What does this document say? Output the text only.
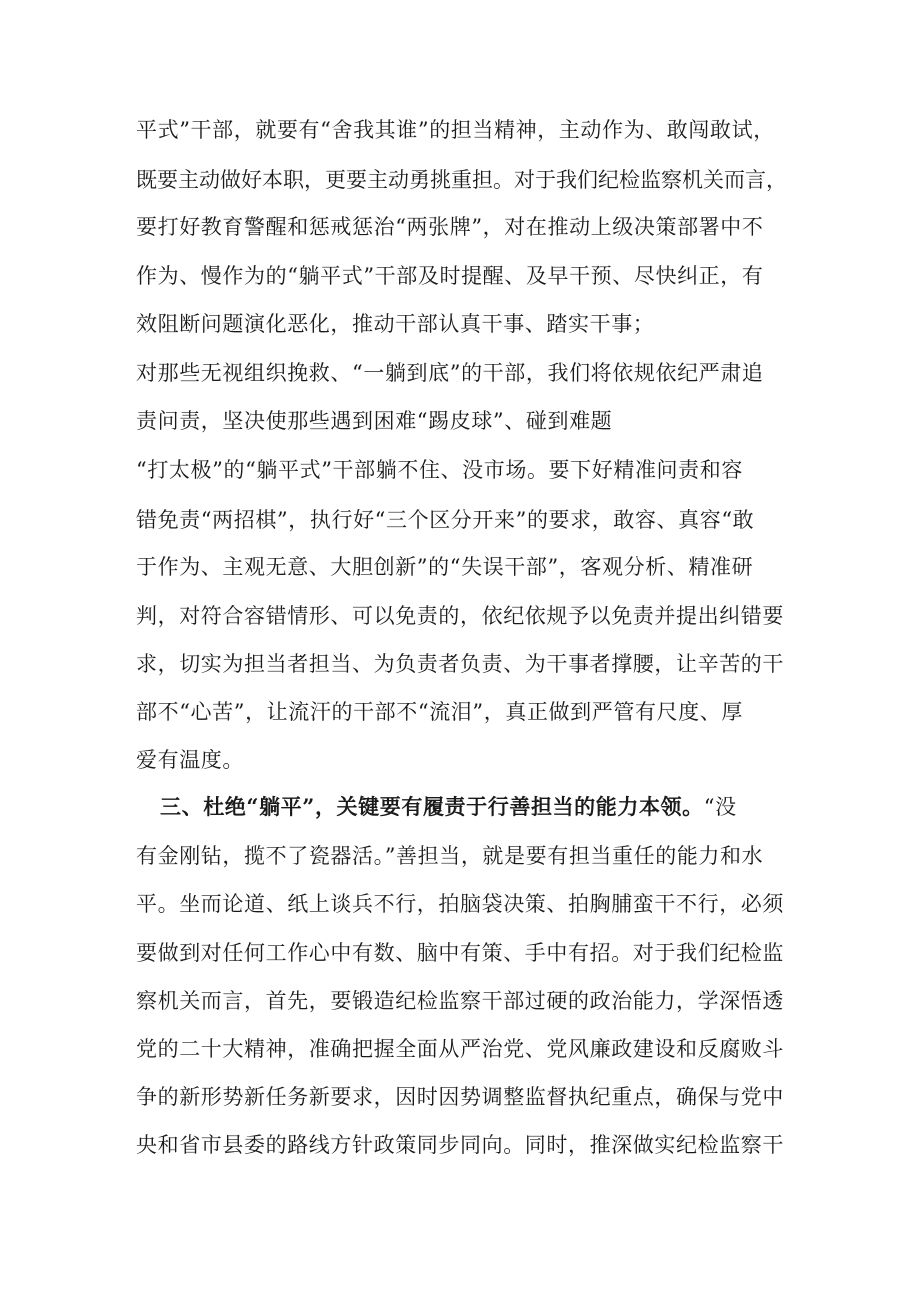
平式”干部，就要有“舍我其谁”的担当精神，主动作为、敢闯敢试，
既要主动做好本职，更要主动勇挑重担。对于我们纪检监察机关而言，
要打好教育警醒和惩戒惩治“两张牌”，对在推动上级决策部署中不
作为、慢作为的“躺平式”干部及时提醒、及早干预、尽快纠正，有
效阻断问题演化恶化，推动干部认真干事、踏实干事；
对那些无视组织挽救、“一躺到底”的干部，我们将依规依纪严肃追
责问责，坚决使那些遇到困难“踢皮球”、碰到难题
“打太极”的“躺平式”干部躺不住、没市场。要下好精准问责和容
错免责“两招棋”，执行好“三个区分开来”的要求，敢容、真容“敢
于作为、主观无意、大胆创新”的“失误干部”，客观分析、精准研
判，对符合容错情形、可以免责的，依纪依规予以免责并提出纠错要
求，切实为担当者担当、为负责者负责、为干事者撑腰，让辛苦的干
部不“心苦”，让流汗的干部不“流泪”，真正做到严管有尺度、厚
爱有温度。
三、杜绝“躺平”，关键要有履责于行善担当的能力本领。“没
有金刚钻，揽不了瓷器活。”善担当，就是要有担当重任的能力和水
平。坐而论道、纸上谈兵不行，拍脑袋决策、拍胸脯蛮干不行，必须
要做到对任何工作心中有数、脑中有策、手中有招。对于我们纪检监
察机关而言，首先，要锻造纪检监察干部过硬的政治能力，学深悟透
党的二十大精神，准确把握全面从严治党、党风廉政建设和反腐败斗
争的新形势新任务新要求，因时因势调整监督执纪重点，确保与党中
央和省市县委的路线方针政策同步同向。同时，推深做实纪检监察干
